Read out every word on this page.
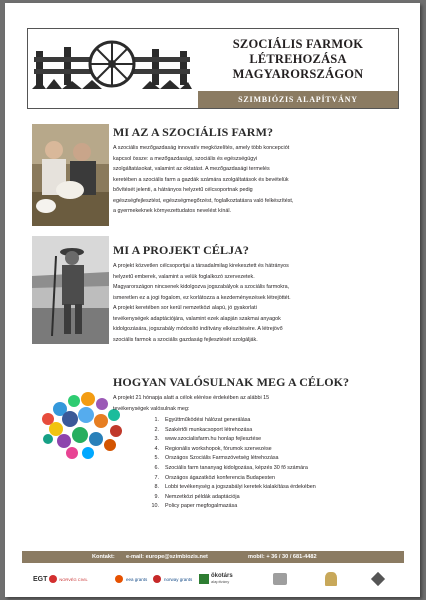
SZOCIÁLIS FARMOK
LÉTREHOZÁSA
MAGYARORSZÁGON
SZIMBIÓZIS ALAPÍTVÁNY
MI AZ A SZOCIÁLIS FARM?
A szociális mezőgazdaság innovatív megközelítés, amely több koncepciót
kapcsol össze: a mezőgazdasági, szociális és egészségügyi
szolgáltatásokat, valamint az oktatást. A mezőgazdasági termelés
keretében a szociális farm a gazdák számára szolgáltatások és bevételük
bővítését jelenti, a hátrányos helyzetű célcsoportnak pedig
egészségfejlesztést, egészségmegőrzést, foglalkoztatásra való felkészítést,
a gyermekeknek környezettudatos nevelést kínál.
MI A PROJEKT CÉLJA?
A projekt közvetlen célcsoportjai a társadalmilag kirekesztett és hátrányos
helyzetű emberek, valamint a velük foglalkozó szervezetek.
Magyarországon nincsenek kidolgozva jogszabályok a szociális farmokra,
ismeretlen ez a jogi fogalom, ez korlátozza a kezdeményezések létrejöttét.
A projekt keretében sor kerül nemzetközi alapú, jó gyakorlati
tevékenységek adaptációjára, valamint ezek alapján szakmai anyagok
kidolgozására, jogszabály módosító indítvány elkészítésére. A létrejövő
szociális farmok a szociális gazdaság fejlesztését szolgálják.
HOGYAN VALÓSULNAK MEG A CÉLOK?
A projekt 21 hónapja alatt a célok elérése érdekében az alábbi 15
tevékenységek valósulnak meg:
1. Együttműködési hálózat generálása
2. Szakértői munkacsoport létrehozása
3. www.szocialisfarm.hu honlap fejlesztése
4. Regionális workshopok, fórumok szervezése
5. Országos Szociális Farmszövetség létrehozása
6. Szociális farm tananyag kidolgozása, képzés 30 fő számára
7. Országos ágazatközi konferencia Budapesten
8. Lobbi tevékenység a jogszabályi keretek kialakítása érdekében
9. Nemzetközi példák adaptációja
10. Policy paper megfogalmazása
Kontakt: e-mail: europe@szimbiozis.net	mobil: + 36 / 30 / 681-4482
EGT	NORVÉG CIVIL	eea grants	norway grants	ökotárs
alapítvány
